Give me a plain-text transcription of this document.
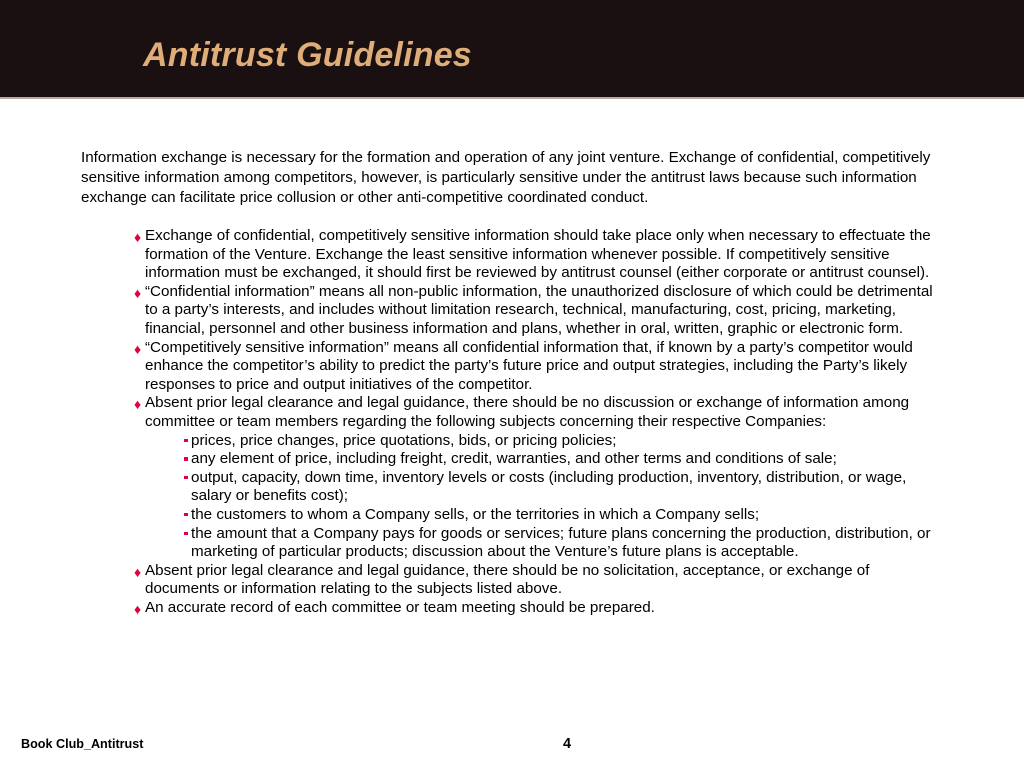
Antitrust Guidelines
Information exchange is necessary for the formation and operation of any joint venture. Exchange of confidential, competitively sensitive information among competitors, however, is particularly sensitive under the antitrust laws because such information exchange can facilitate price collusion or other anti-competitive coordinated conduct.
♦ Exchange of confidential, competitively sensitive information should take place only when necessary to effectuate the formation of the Venture. Exchange the least sensitive information whenever possible. If competitively sensitive information must be exchanged, it should first be reviewed by antitrust counsel (either corporate or antitrust counsel).
♦ “Confidential information” means all non-public information, the unauthorized disclosure of which could be detrimental to a party’s interests, and includes without limitation research, technical, manufacturing, cost, pricing, marketing, financial, personnel and other business information and plans, whether in oral, written, graphic or electronic form.
♦ “Competitively sensitive information” means all confidential information that, if known by a party’s competitor would enhance the competitor’s ability to predict the party’s future price and output strategies, including the Party’s likely responses to price and output initiatives of the competitor.
♦ Absent prior legal clearance and legal guidance, there should be no discussion or exchange of information among committee or team members regarding the following subjects concerning their respective Companies:
prices, price changes, price quotations, bids, or pricing policies;
any element of price, including freight, credit, warranties, and other terms and conditions of sale;
output, capacity, down time, inventory levels or costs (including production, inventory, distribution, or wage, salary or benefits cost);
the customers to whom a Company sells, or the territories in which a Company sells;
the amount that a Company pays for goods or services; future plans concerning the production, distribution, or marketing of particular products; discussion about the Venture’s future plans is acceptable.
♦ Absent prior legal clearance and legal guidance, there should be no solicitation, acceptance, or exchange of documents or information relating to the subjects listed above.
♦ An accurate record of each committee or team meeting should be prepared.
Book Club_Antitrust	4
